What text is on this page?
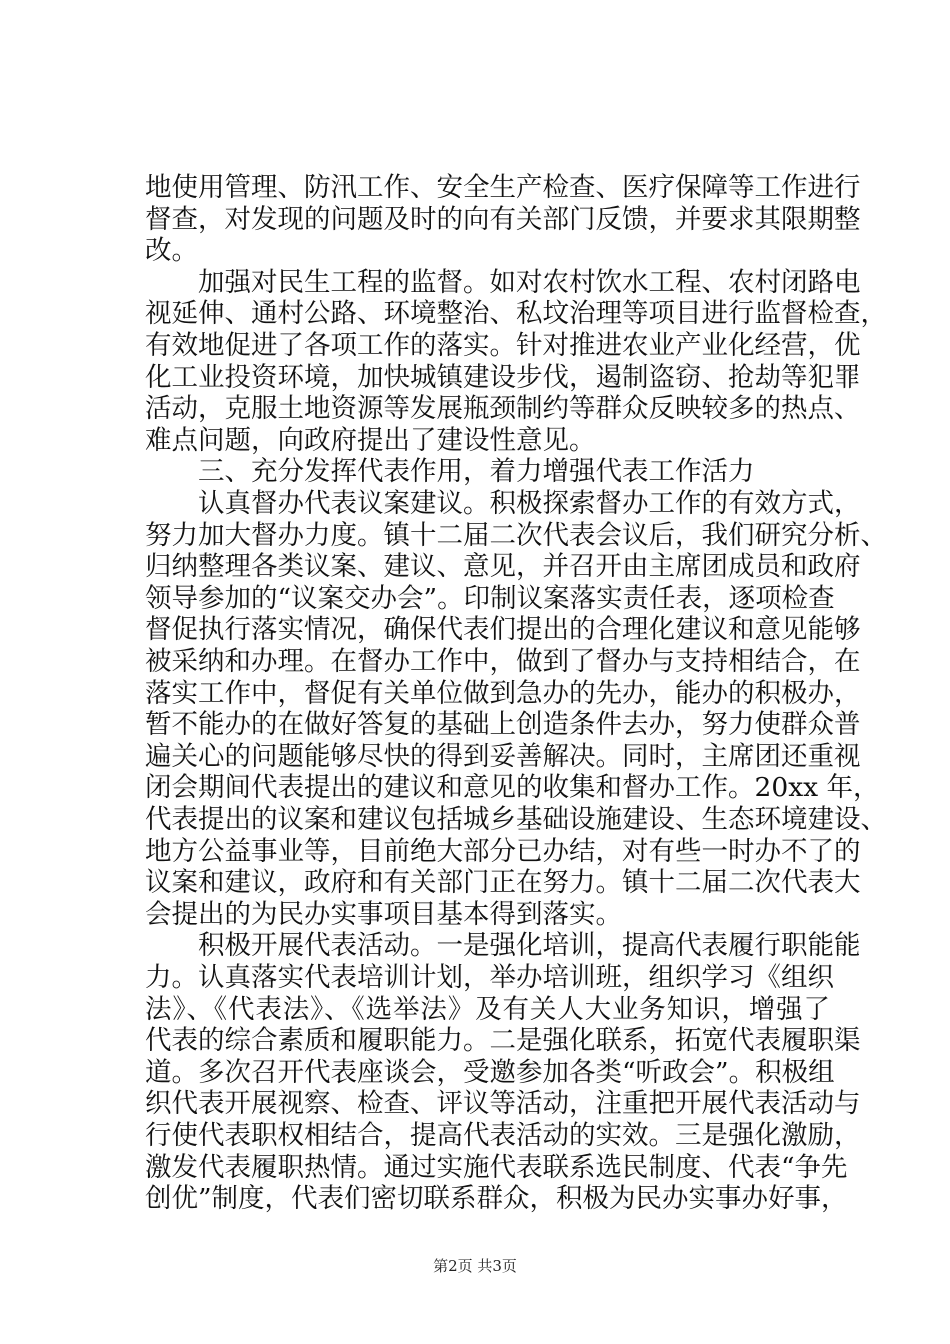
地使用管理、防汛工作、安全生产检查、医疗保障等工作进行
督查，对发现的问题及时的向有关部门反馈，并要求其限期整
改。
　　加强对民生工程的监督。如对农村饮水工程、农村闭路电
视延伸、通村公路、环境整治、私坟治理等项目进行监督检查，
有效地促进了各项工作的落实。针对推进农业产业化经营，优
化工业投资环境，加快城镇建设步伐，遏制盗窃、抢劫等犯罪
活动，克服土地资源等发展瓶颈制约等群众反映较多的热点、
难点问题，向政府提出了建设性意见。
　　三、充分发挥代表作用，着力增强代表工作活力
　　认真督办代表议案建议。积极探索督办工作的有效方式，
努力加大督办力度。镇十二届二次代表会议后，我们研究分析、
归纳整理各类议案、建议、意见，并召开由主席团成员和政府
领导参加的“议案交办会”。印制议案落实责任表，逐项检查
督促执行落实情况，确保代表们提出的合理化建议和意见能够
被采纳和办理。在督办工作中，做到了督办与支持相结合，在
落实工作中，督促有关单位做到急办的先办，能办的积极办，
暂不能办的在做好答复的基础上创造条件去办，努力使群众普
遍关心的问题能够尽快的得到妥善解决。同时，主席团还重视
闭会期间代表提出的建议和意见的收集和督办工作。20xx 年，
代表提出的议案和建议包括城乡基础设施建设、生态环境建设、
地方公益事业等，目前绝大部分已办结，对有些一时办不了的
议案和建议，政府和有关部门正在努力。镇十二届二次代表大
会提出的为民办实事项目基本得到落实。
　　积极开展代表活动。一是强化培训，提高代表履行职能能
力。认真落实代表培训计划，举办培训班，组织学习《组织
法》、《代表法》、《选举法》及有关人大业务知识，增强了
代表的综合素质和履职能力。二是强化联系，拓宽代表履职渠
道。多次召开代表座谈会，受邀参加各类“听政会”。积极组
织代表开展视察、检查、评议等活动，注重把开展代表活动与
行使代表职权相结合，提高代表活动的实效。三是强化激励，
激发代表履职热情。通过实施代表联系选民制度、代表“争先
创优”制度，代表们密切联系群众，积极为民办实事办好事，
第2页 共3页
